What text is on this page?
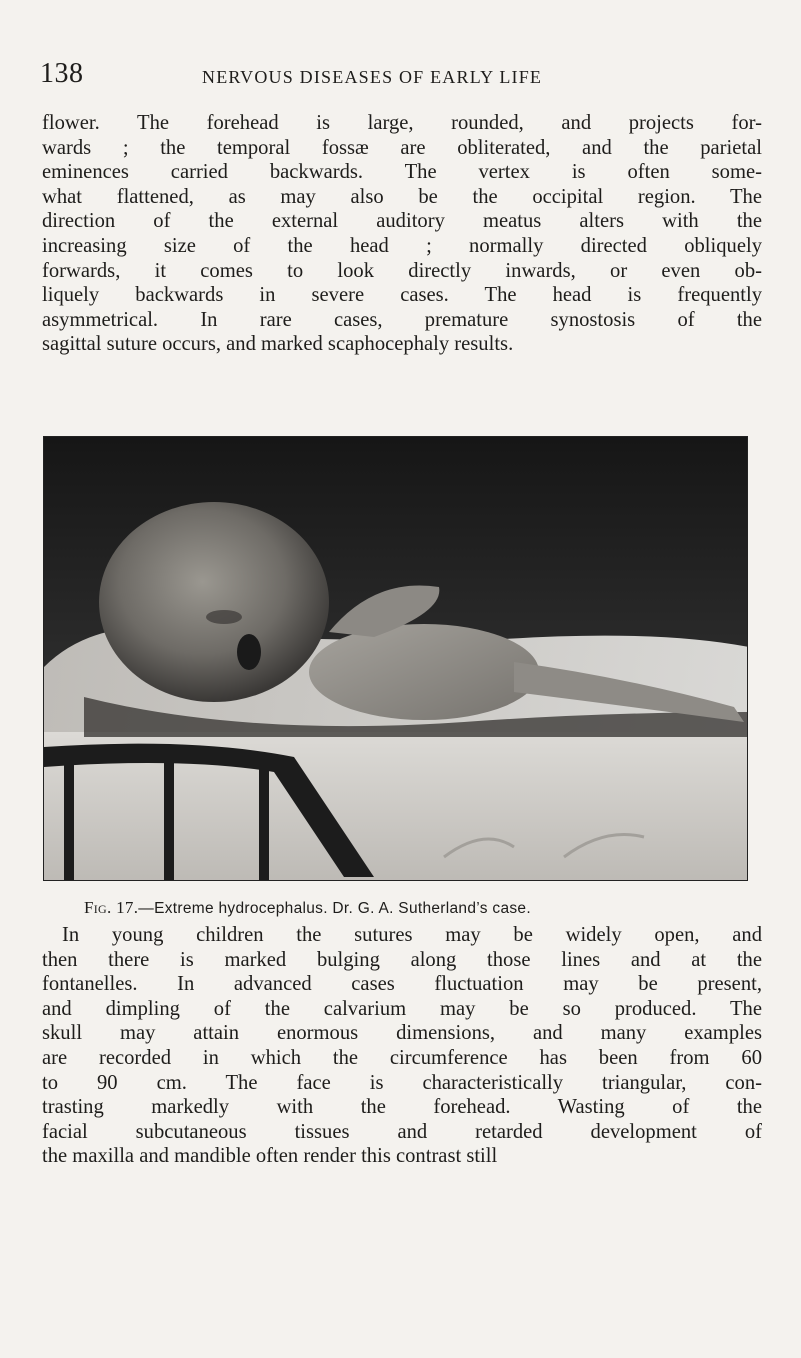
138	NERVOUS DISEASES OF EARLY LIFE
flower. The forehead is large, rounded, and projects for-
wards ; the temporal fossæ are obliterated, and the parietal
eminences carried backwards. The vertex is often some-
what flattened, as may also be the occipital region. The
direction of the external auditory meatus alters with the
increasing size of the head ; normally directed obliquely
forwards, it comes to look directly inwards, or even ob-
liquely backwards in severe cases. The head is frequently
asymmetrical. In rare cases, premature synostosis of the
sagittal suture occurs, and marked scaphocephaly results.
Fig. 17.—Extreme hydrocephalus. Dr. G. A. Sutherland’s case.
In young children the sutures may be widely open, and
then there is marked bulging along those lines and at the
fontanelles. In advanced cases fluctuation may be present,
and dimpling of the calvarium may be so produced. The
skull may attain enormous dimensions, and many examples
are recorded in which the circumference has been from 60
to 90 cm. The face is characteristically triangular, con-
trasting markedly with the forehead. Wasting of the
facial subcutaneous tissues and retarded development of
the maxilla and mandible often render this contrast still
